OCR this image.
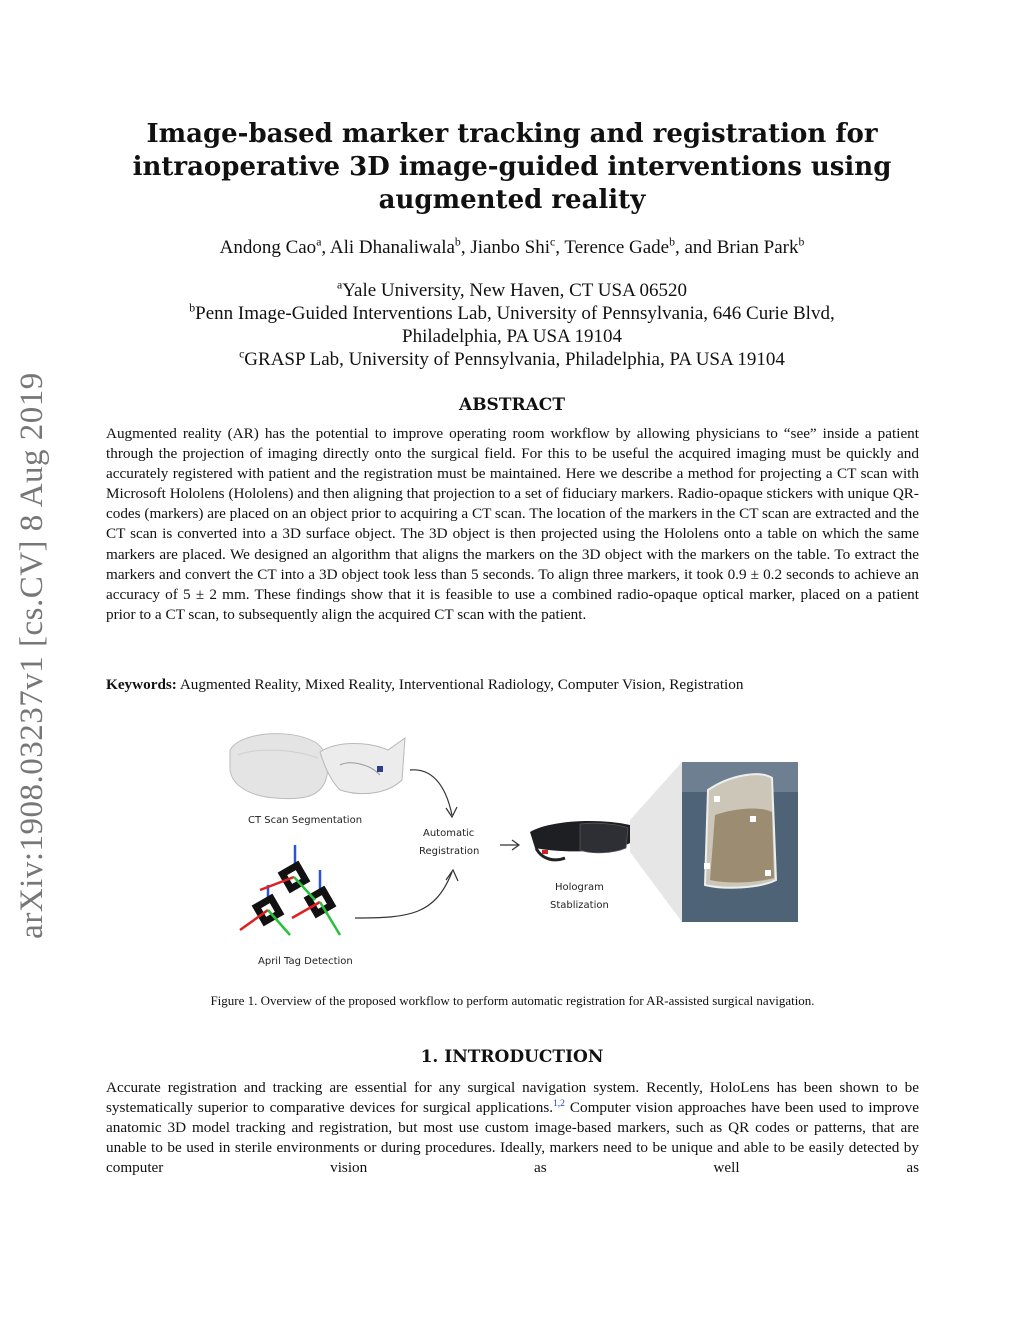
arXiv:1908.03237v1 [cs.CV] 8 Aug 2019
Image-based marker tracking and registration for intraoperative 3D image-guided interventions using augmented reality
Andong Cao$^a$, Ali Dhanaliwala$^b$, Jianbo Shi$^c$, Terence Gade$^b$, and Brian Park$^b$
$^a$Yale University, New Haven, CT USA 06520
$^b$Penn Image-Guided Interventions Lab, University of Pennsylvania, 646 Curie Blvd, Philadelphia, PA USA 19104
$^c$GRASP Lab, University of Pennsylvania, Philadelphia, PA USA 19104
ABSTRACT
Augmented reality (AR) has the potential to improve operating room workflow by allowing physicians to “see” inside a patient through the projection of imaging directly onto the surgical field. For this to be useful the acquired imaging must be quickly and accurately registered with patient and the registration must be maintained. Here we describe a method for projecting a CT scan with Microsoft Hololens (Hololens) and then aligning that projection to a set of fiduciary markers. Radio-opaque stickers with unique QR-codes (markers) are placed on an object prior to acquiring a CT scan. The location of the markers in the CT scan are extracted and the CT scan is converted into a 3D surface object. The 3D object is then projected using the Hololens onto a table on which the same markers are placed. We designed an algorithm that aligns the markers on the 3D object with the markers on the table. To extract the markers and convert the CT into a 3D object took less than 5 seconds. To align three markers, it took 0.9 ± 0.2 seconds to achieve an accuracy of 5 ± 2 mm. These findings show that it is feasible to use a combined radio-opaque optical marker, placed on a patient prior to a CT scan, to subsequently align the acquired CT scan with the patient.
Keywords: Augmented Reality, Mixed Reality, Interventional Radiology, Computer Vision, Registration
CT Scan Segmentation
Automatic
Registration
Hologram
Stablization
April Tag Detection
Figure 1. Overview of the proposed workflow to perform automatic registration for AR-assisted surgical navigation.
1. INTRODUCTION
Accurate registration and tracking are essential for any surgical navigation system. Recently, HoloLens has been shown to be systematically superior to comparative devices for surgical applications.$^{1,2}$ Computer vision approaches have been used to improve anatomic 3D model tracking and registration, but most use custom image-based markers, such as QR codes or patterns, that are unable to be used in sterile environments or during procedures. Ideally, markers need to be unique and able to be easily detected by computer vision as well as
